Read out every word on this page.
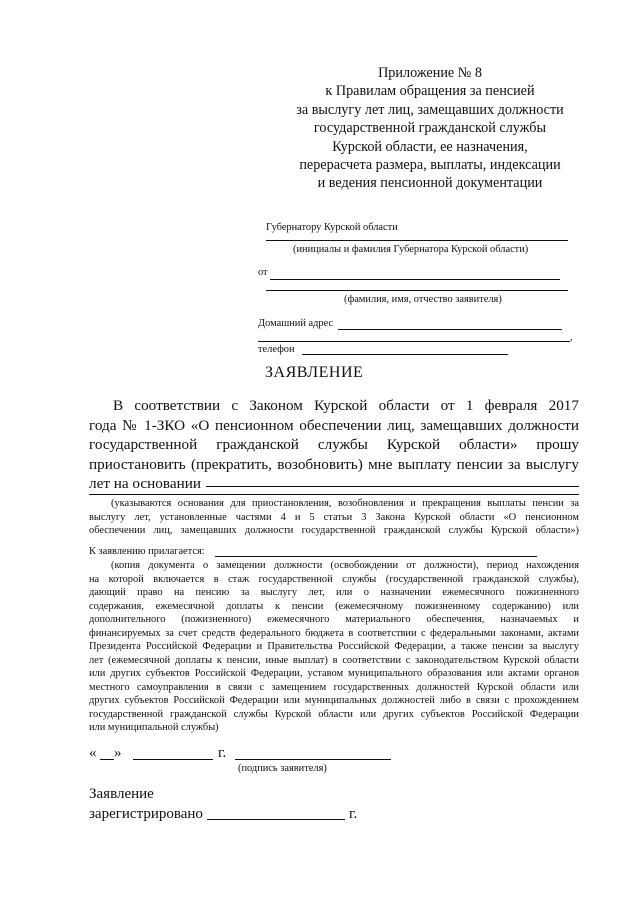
Приложение № 8
к Правилам обращения за пенсией
за выслугу лет лиц, замещавших должности
государственной гражданской службы
Курской области, ее назначения,
перерасчета размера, выплаты, индексации
и ведения пенсионной документации
Губернатору Курской области
(инициалы и фамилия Губернатора Курской области)
от
(фамилия, имя, отчество заявителя)
Домашний адрес
,
телефон
ЗАЯВЛЕНИЕ
В соответствии с Законом Курской области от 1 февраля 2017
года № 1-ЗКО «О пенсионном обеспечении лиц, замещавших должности
государственной гражданской службы Курской области» прошу
приостановить (прекратить, возобновить) мне выплату пенсии за выслугу
лет на основании
(указываются основания для приостановления, возобновления и прекращения выплаты пенсии за
выслугу лет, установленные частями 4 и 5 статьи 3 Закона Курской области «О пенсионном
обеспечении лиц, замещавших должности государственной гражданской службы Курской области»)
К заявлению прилагается:
(копия документа о замещении должности (освобождении от должности), период нахождения
на которой включается в стаж государственной службы (государственной гражданской службы),
дающий право на пенсию за выслугу лет, или о назначении ежемесячного пожизненного
содержания, ежемесячной доплаты к пенсии (ежемесячному пожизненному содержанию) или
дополнительного (пожизненного) ежемесячного материального обеспечения, назначаемых и
финансируемых за счет средств федерального бюджета в соответствии с федеральными законами, актами
Президента Российской Федерации и Правительства Российской Федерации, а также пенсии за выслугу
лет (ежемесячной доплаты к пенсии, иные выплат) в соответствии с законодательством Курской области
или других субъектов Российской Федерации, уставом муниципального образования или актами органов
местного самоуправления в связи с замещением государственных должностей Курской области или
других субъектов Российской Федерации или муниципальных должностей либо в связи с прохождением
государственной гражданской службы Курской области или других субъектов Российской Федерации
или муниципальной службы)
« »	г.
(подпись заявителя)
Заявление
зарегистрировано	г.
